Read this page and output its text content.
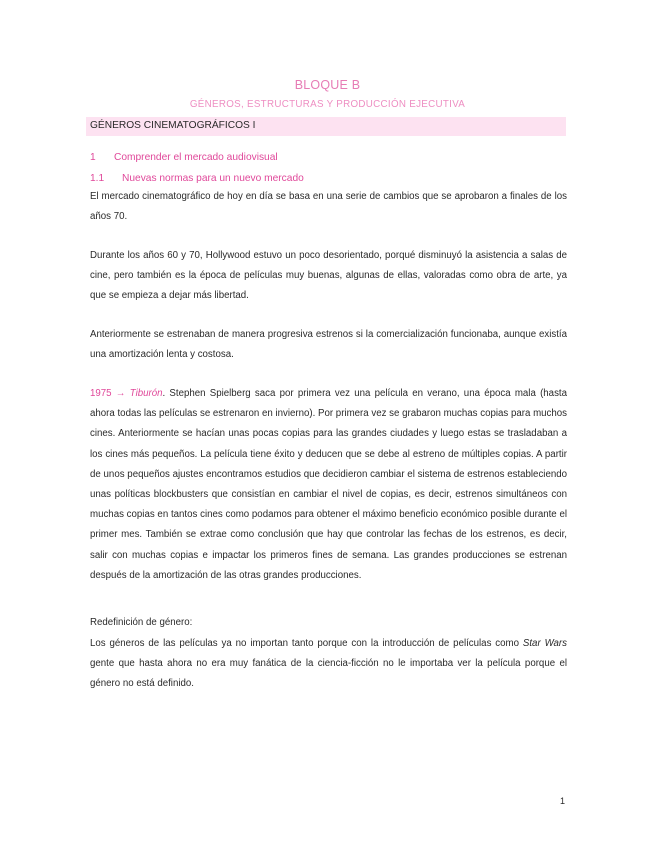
BLOQUE B
GÉNEROS, ESTRUCTURAS Y PRODUCCIÓN EJECUTIVA
GÉNEROS CINEMATOGRÁFICOS I
1 Comprender el mercado audiovisual
1.1 Nuevas normas para un nuevo mercado

El mercado cinematográfico de hoy en día se basa en una serie de cambios que se aprobaron a finales de los años 70.

Durante los años 60 y 70, Hollywood estuvo un poco desorientado, porqué disminuyó la asistencia a salas de cine, pero también es la época de películas muy buenas, algunas de ellas, valoradas como obra de arte, ya que se empieza a dejar más libertad.

Anteriormente se estrenaban de manera progresiva estrenos si la comercialización funcionaba, aunque existía una amortización lenta y costosa.

1975 → Tiburón. Stephen Spielberg saca por primera vez una película en verano, una época mala (hasta ahora todas las películas se estrenaron en invierno). Por primera vez se grabaron muchas copias para muchos cines. Anteriormente se hacían unas pocas copias para las grandes ciudades y luego estas se trasladaban a los cines más pequeños. La película tiene éxito y deducen que se debe al estreno de múltiples copias. A partir de unos pequeños ajustes encontramos estudios que decidieron cambiar el sistema de estrenos estableciendo unas políticas blockbusters que consistían en cambiar el nivel de copias, es decir, estrenos simultáneos con muchas copias en tantos cines como podamos para obtener el máximo beneficio económico posible durante el primer mes. También se extrae como conclusión que hay que controlar las fechas de los estrenos, es decir, salir con muchas copias e impactar los primeros fines de semana. Las grandes producciones se estrenan después de la amortización de las otras grandes producciones.

Redefinición de género:

Los géneros de las películas ya no importan tanto porque con la introducción de películas como Star Wars gente que hasta ahora no era muy fanática de la ciencia-ficción no le importaba ver la película porque el género no está definido.

1
